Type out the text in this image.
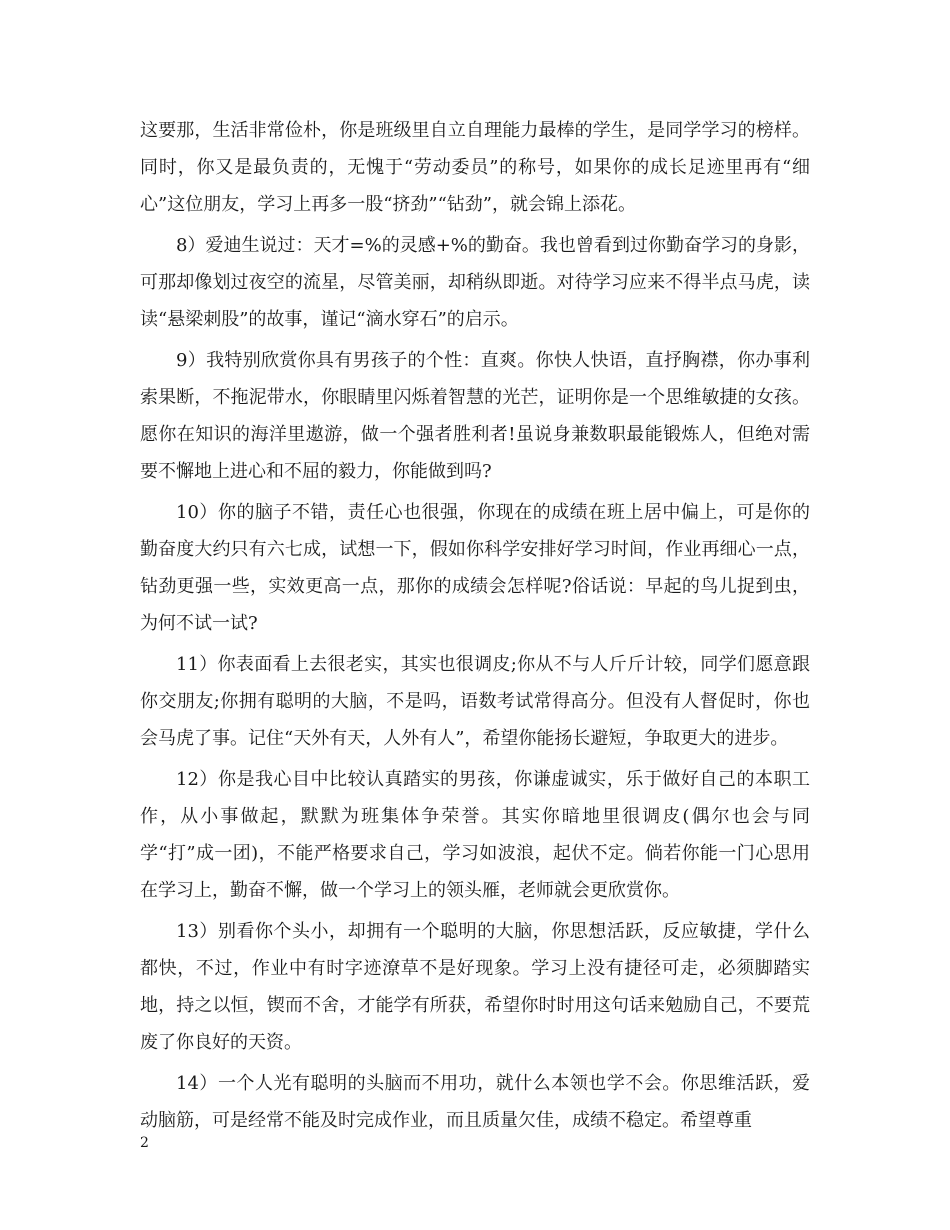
这要那，生活非常俭朴，你是班级里自立自理能力最棒的学生，是同学学习的榜样。同时，你又是最负责的，无愧于“劳动委员”的称号，如果你的成长足迹里再有“细心”这位朋友，学习上再多一股“挤劲”“钻劲”，就会锦上添花。

8）爱迪生说过：天才=%的灵感+%的勤奋。我也曾看到过你勤奋学习的身影，可那却像划过夜空的流星，尽管美丽，却稍纵即逝。对待学习应来不得半点马虎，读读“悬梁刺股”的故事，谨记“滴水穿石”的启示。

9）我特别欣赏你具有男孩子的个性：直爽。你快人快语，直抒胸襟，你办事利索果断，不拖泥带水，你眼睛里闪烁着智慧的光芒，证明你是一个思维敏捷的女孩。愿你在知识的海洋里遨游，做一个强者胜利者!虽说身兼数职最能锻炼人，但绝对需要不懈地上进心和不屈的毅力，你能做到吗?

10）你的脑子不错，责任心也很强，你现在的成绩在班上居中偏上，可是你的勤奋度大约只有六七成，试想一下，假如你科学安排好学习时间，作业再细心一点，钻劲更强一些，实效更高一点，那你的成绩会怎样呢?俗话说：早起的鸟儿捉到虫，为何不试一试?

11）你表面看上去很老实，其实也很调皮;你从不与人斤斤计较，同学们愿意跟你交朋友;你拥有聪明的大脑，不是吗，语数考试常得高分。但没有人督促时，你也会马虎了事。记住“天外有天，人外有人”，希望你能扬长避短，争取更大的进步。

12）你是我心目中比较认真踏实的男孩，你谦虚诚实，乐于做好自己的本职工作，从小事做起，默默为班集体争荣誉。其实你暗地里很调皮(偶尔也会与同学“打”成一团)，不能严格要求自己，学习如波浪，起伏不定。倘若你能一门心思用在学习上，勤奋不懈，做一个学习上的领头雁，老师就会更欣赏你。

13）别看你个头小，却拥有一个聪明的大脑，你思想活跃，反应敏捷，学什么都快，不过，作业中有时字迹潦草不是好现象。学习上没有捷径可走，必须脚踏实地，持之以恒，锲而不舍，才能学有所获，希望你时时用这句话来勉励自己，不要荒废了你良好的天资。

14）一个人光有聪明的头脑而不用功，就什么本领也学不会。你思维活跃，爱动脑筋，可是经常不能及时完成作业，而且质量欠佳，成绩不稳定。希望尊重

2
